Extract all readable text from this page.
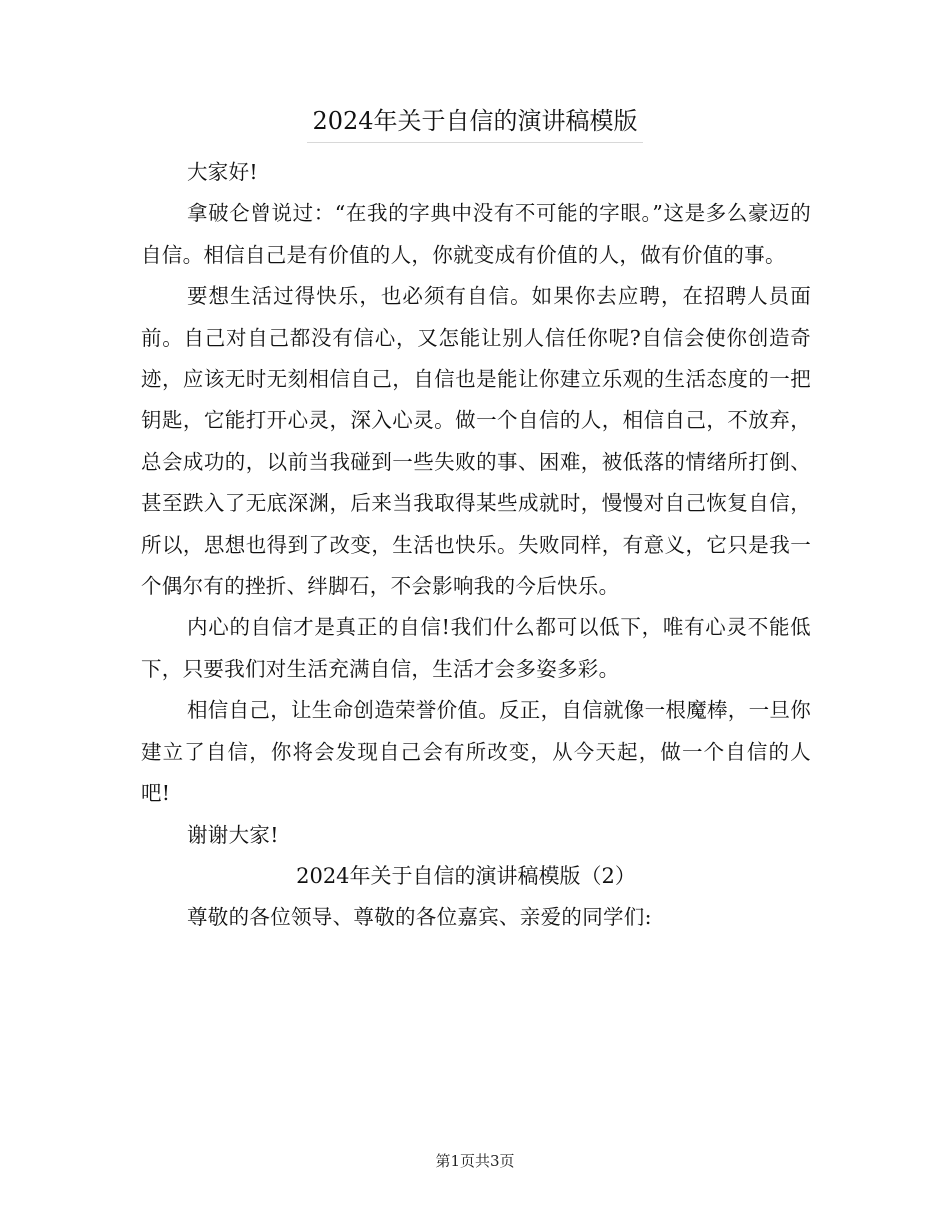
2024年关于自信的演讲稿模版

大家好!

拿破仑曾说过：“在我的字典中没有不可能的字眼。”这是多么豪迈的自信。相信自己是有价值的人，你就变成有价值的人，做有价值的事。

要想生活过得快乐，也必须有自信。如果你去应聘，在招聘人员面前。自己对自己都没有信心，又怎能让别人信任你呢?自信会使你创造奇迹，应该无时无刻相信自己，自信也是能让你建立乐观的生活态度的一把钥匙，它能打开心灵，深入心灵。做一个自信的人，相信自己，不放弃，总会成功的，以前当我碰到一些失败的事、困难，被低落的情绪所打倒、甚至跌入了无底深渊，后来当我取得某些成就时，慢慢对自己恢复自信，所以，思想也得到了改变，生活也快乐。失败同样，有意义，它只是我一个偶尔有的挫折、绊脚石，不会影响我的今后快乐。

内心的自信才是真正的自信!我们什么都可以低下，唯有心灵不能低下，只要我们对生活充满自信，生活才会多姿多彩。

相信自己，让生命创造荣誉价值。反正，自信就像一根魔棒，一旦你建立了自信，你将会发现自己会有所改变，从今天起，做一个自信的人吧!

谢谢大家!

2024年关于自信的演讲稿模版（2）

尊敬的各位领导、尊敬的各位嘉宾、亲爱的同学们:

第1页共3页
